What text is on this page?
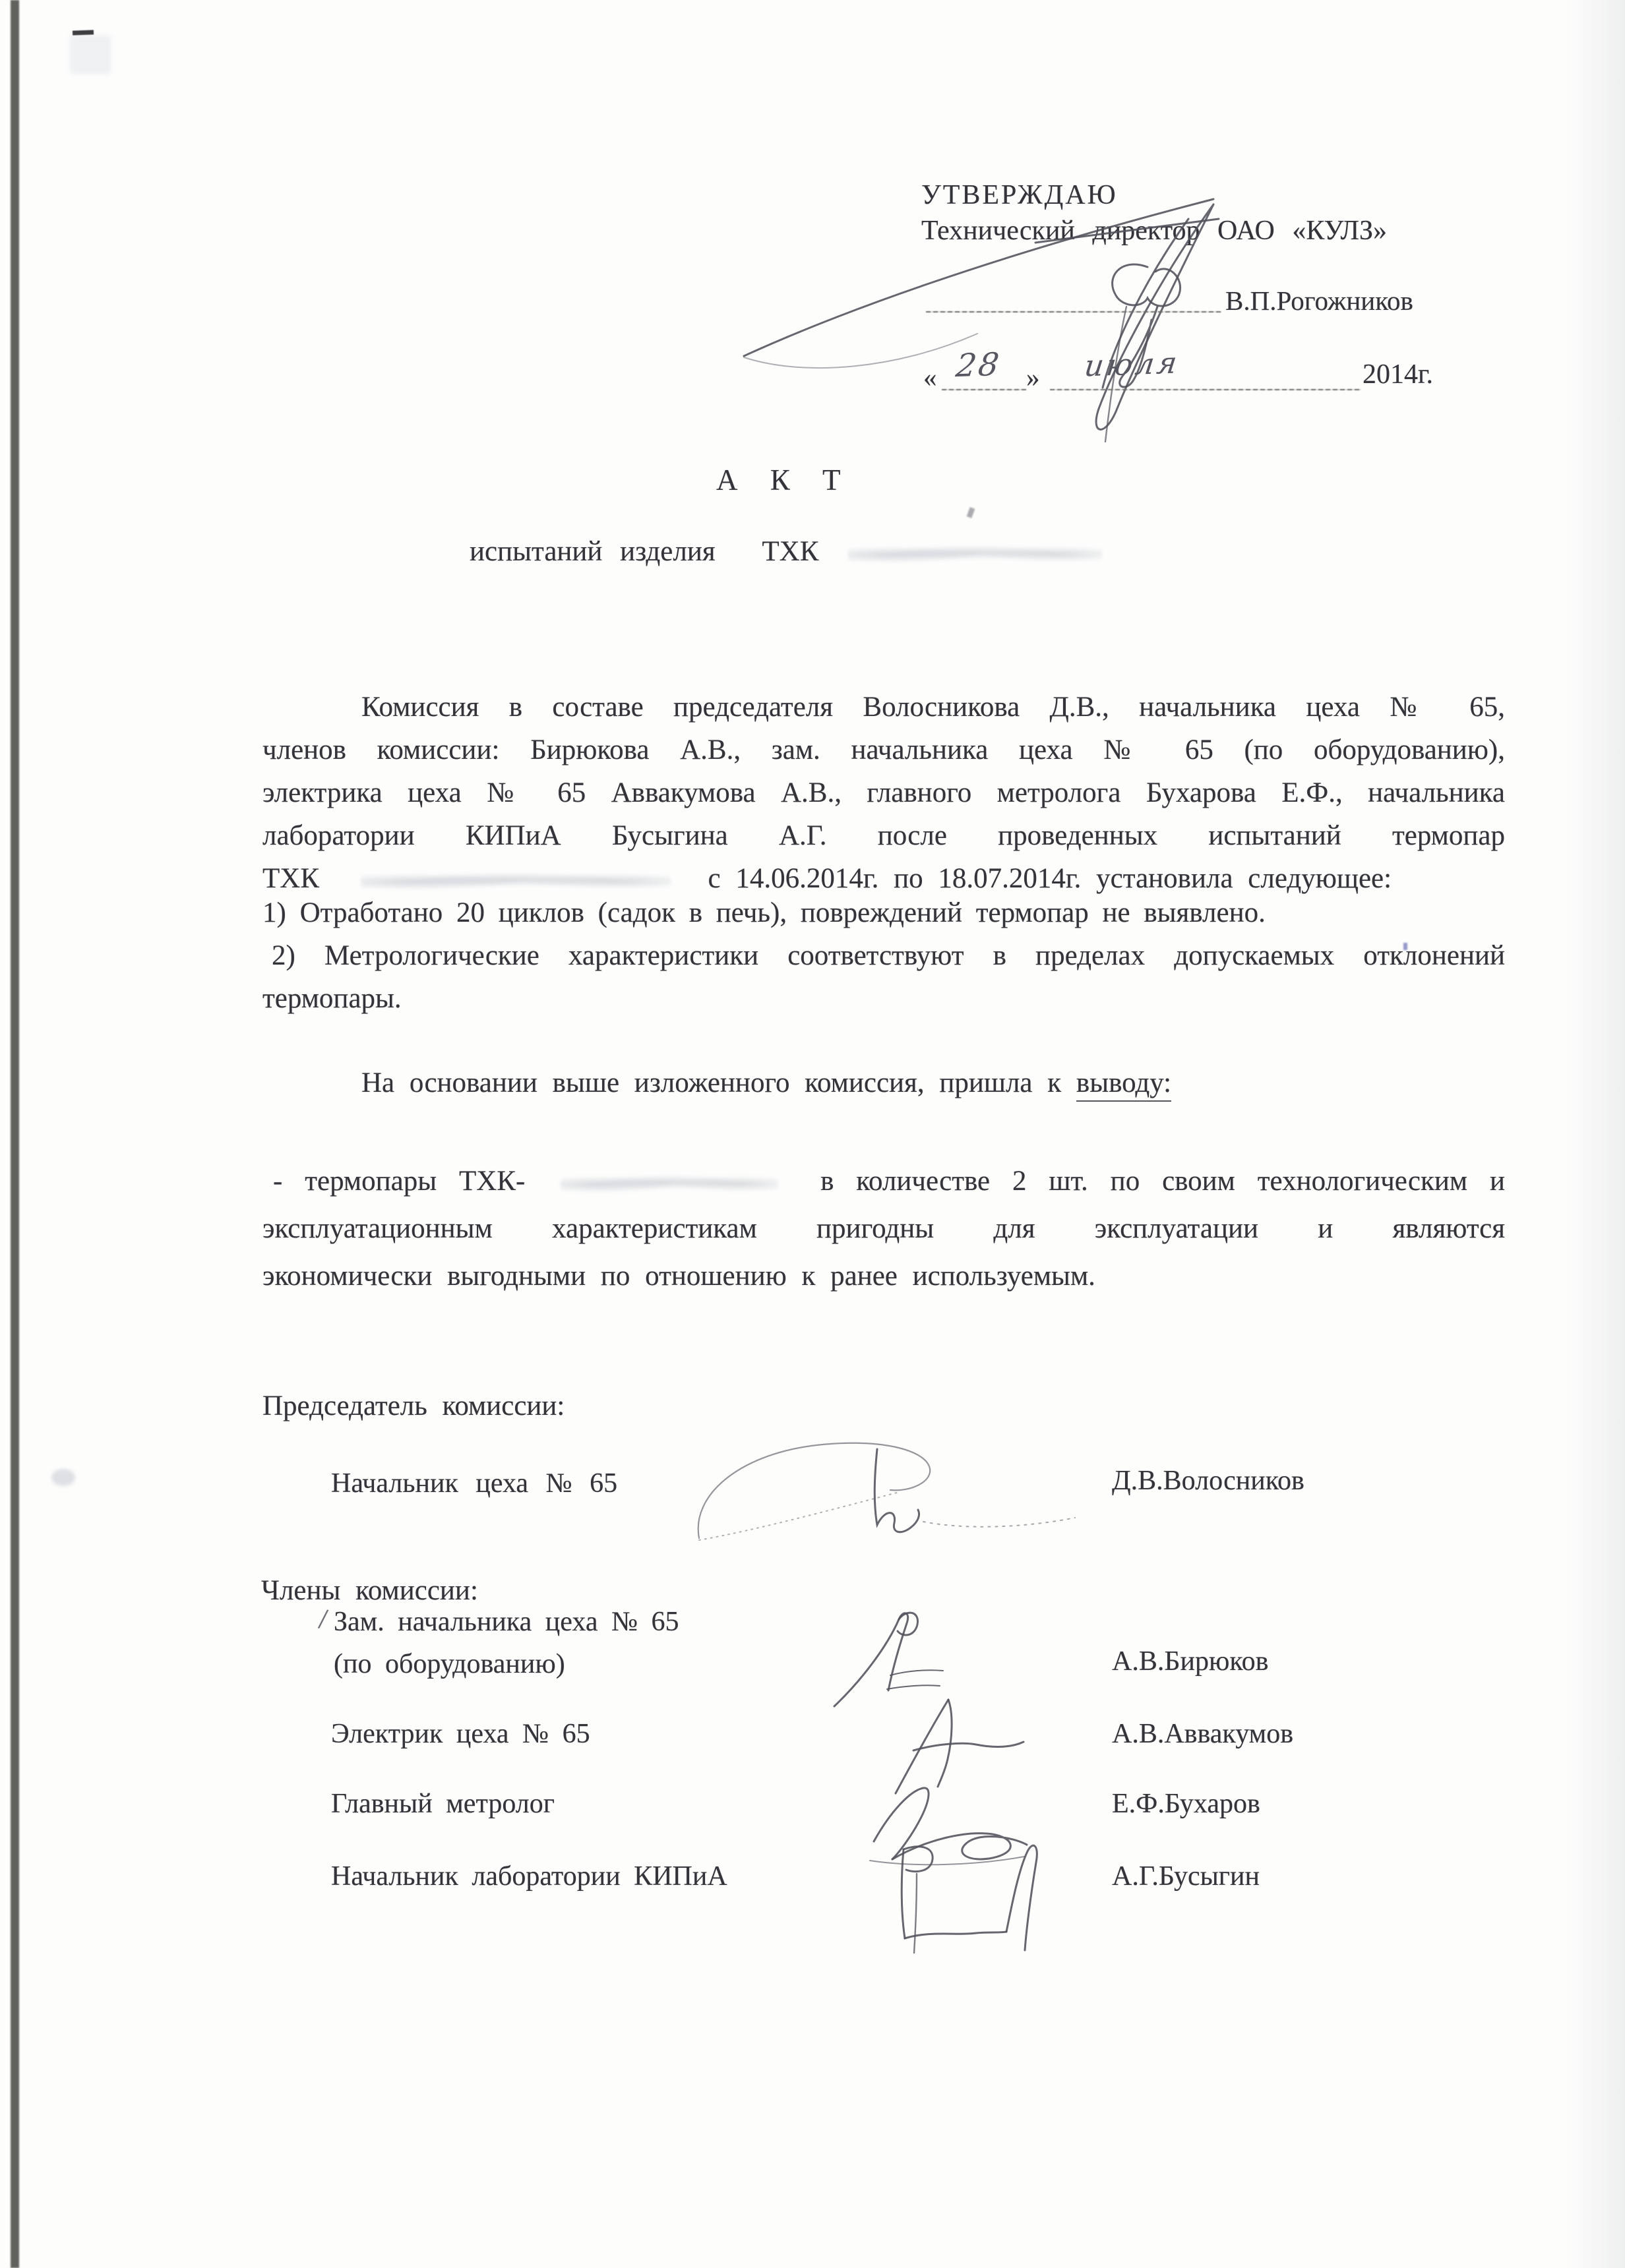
УТВЕРЖДАЮ
Технический директор ОАО «КУЛЗ»
В.П.Рогожников
« 28 » июля	2014г.
А К Т
испытаний изделия ТХК
Комиссия в составе председателя Волосникова Д.В., начальника цеха № 65,
членов комиссии: Бирюкова А.В., зам. начальника цеха № 65 (по оборудованию),
электрика цеха № 65 Аввакумова А.В., главного метролога Бухарова Е.Ф., начальника
лаборатории КИПиА Бусыгина А.Г. после проведенных испытаний термопар
ТХК	с 14.06.2014г. по 18.07.2014г. установила следующее:
1) Отработано 20 циклов (садок в печь), повреждений термопар не выявлено.
2) Метрологические характеристики соответствуют в пределах допускаемых отклонений
термопары.
На основании выше изложенного комиссия, пришла к выводу:
- термопары ТХК-	в количестве 2 шт. по своим технологическим и
эксплуатационным характеристикам пригодны для эксплуатации и являются
экономически выгодными по отношению к ранее используемым.
Председатель комиссии:
Начальник цеха № 65	Д.В.Волосников
Члены комиссии:
/ Зам. начальника цеха № 65
(по оборудованию)	А.В.Бирюков
Электрик цеха № 65	А.В.Аввакумов
Главный метролог	Е.Ф.Бухаров
Начальник лаборатории КИПиА	А.Г.Бусыгин
